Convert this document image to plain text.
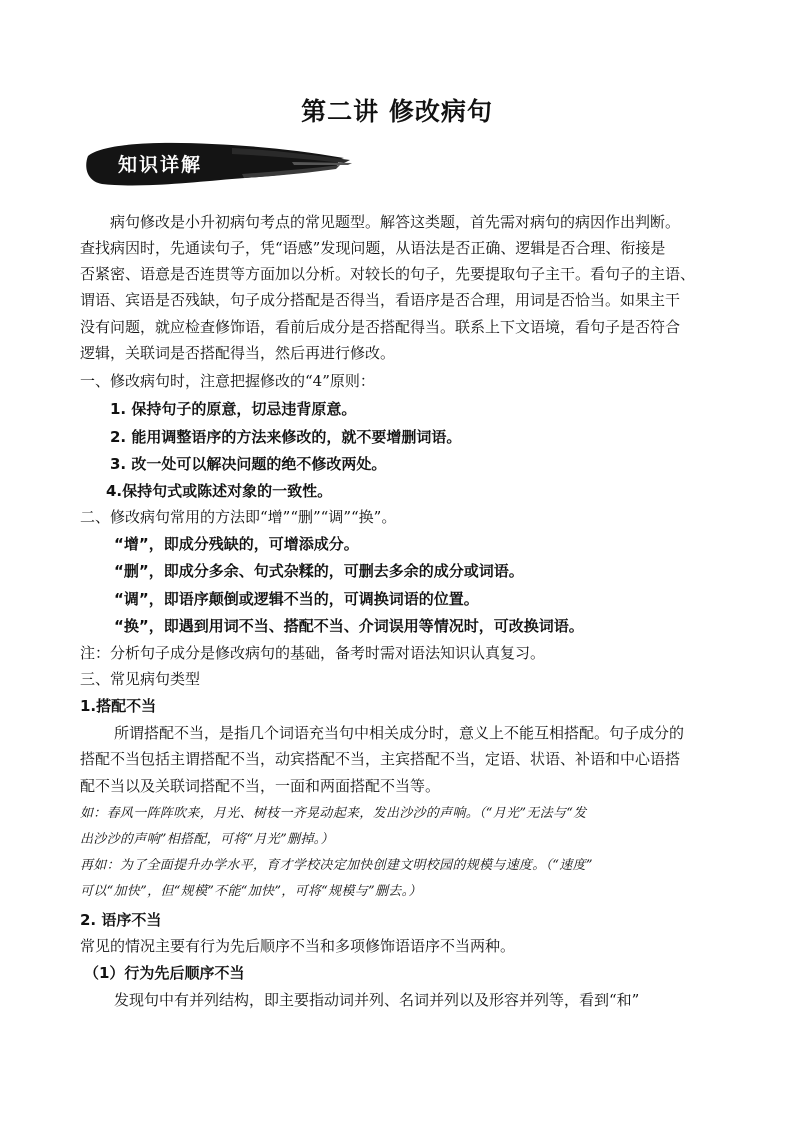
第二讲 修改病句
知识详解
病句修改是小升初病句考点的常见题型。解答这类题，首先需对病句的病因作出判断。
查找病因时，先通读句子，凭“语感”发现问题，从语法是否正确、逻辑是否合理、衔接是
否紧密、语意是否连贯等方面加以分析。对较长的句子，先要提取句子主干。看句子的主语、
谓语、宾语是否残缺，句子成分搭配是否得当，看语序是否合理，用词是否恰当。如果主干
没有问题，就应检查修饰语，看前后成分是否搭配得当。联系上下文语境，看句子是否符合
逻辑，关联词是否搭配得当，然后再进行修改。
一、修改病句时，注意把握修改的“4”原则：
1. 保持句子的原意，切忌违背原意。
2. 能用调整语序的方法来修改的，就不要增删词语。
3. 改一处可以解决问题的绝不修改两处。
4.保持句式或陈述对象的一致性。
二、修改病句常用的方法即“增”“删”“调”“换”。
“增”，即成分残缺的，可增添成分。
“删”，即成分多余、句式杂糅的，可删去多余的成分或词语。
“调”，即语序颠倒或逻辑不当的，可调换词语的位置。
“换”，即遇到用词不当、搭配不当、介词误用等情况时，可改换词语。
注：分析句子成分是修改病句的基础，备考时需对语法知识认真复习。
三、常见病句类型
1.搭配不当
所谓搭配不当，是指几个词语充当句中相关成分时，意义上不能互相搭配。句子成分的
搭配不当包括主谓搭配不当，动宾搭配不当，主宾搭配不当，定语、状语、补语和中心语搭
配不当以及关联词搭配不当，一面和两面搭配不当等。
如：春风一阵阵吹来，月光、树枝一齐晃动起来，发出沙沙的声响。（“月光”无法与“发
出沙沙的声响”相搭配，可将“月光”删掉。）
再如：为了全面提升办学水平，育才学校决定加快创建文明校园的规模与速度。（“速度”
可以“加快”，但“规模”不能“加快”，可将“规模与”删去。）
2. 语序不当
常见的情况主要有行为先后顺序不当和多项修饰语语序不当两种。
（1）行为先后顺序不当
发现句中有并列结构，即主要指动词并列、名词并列以及形容并列等，看到“和”
